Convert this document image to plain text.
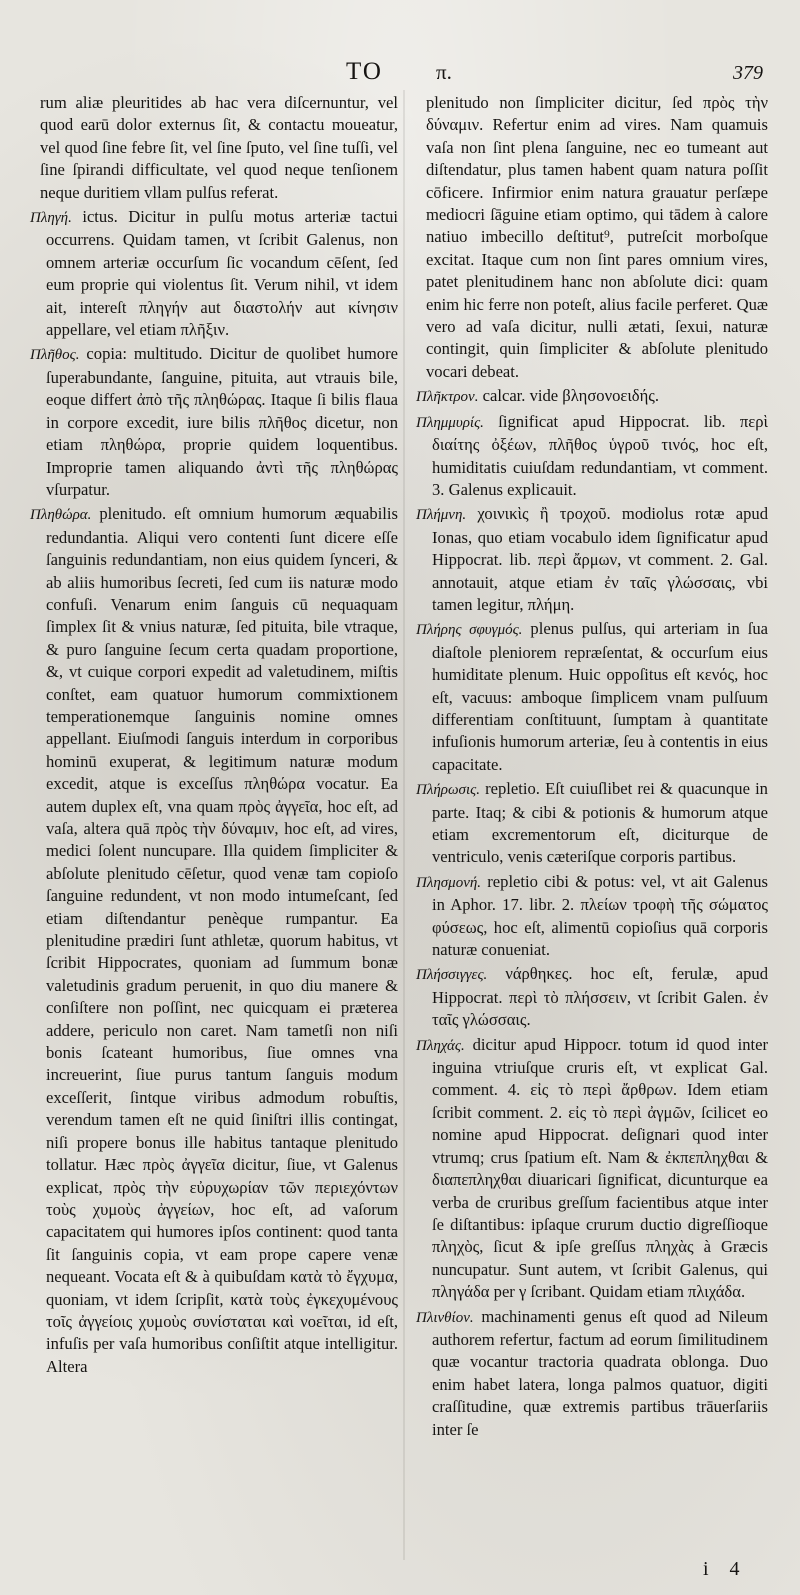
TO	π.	379

rum aliæ pleuritides ab hac vera diſcernuntur, vel quod earū dolor externus ſit, & contactu moueatur, vel quod ſine febre ſit, vel ſine ſputo, vel ſine tuſſi, vel ſine ſpirandi difficultate, vel quod neque tenſionem neque duritiem vllam pulſus referat.

Πληγή. ictus. Dicitur in pulſu motus arteriæ tactui occurrens. Quidam tamen, vt ſcribit Galenus, non omnem arteriæ occurſum ſic vocandum cēſent, ſed eum proprie qui violentus ſit. Verum nihil, vt idem ait, intereſt πληγήν aut διαστολήν aut κίνησιν appellare, vel etiam πλῆξιν.

Πλῆθος. copia: multitudo. Dicitur de quolibet humore ſuperabundante, ſanguine, pituita, aut vtrauis bile, eoque differt ἀπὸ τῆς πληθώρας. Itaque ſi bilis flaua in corpore excedit, iure bilis πλῆθος dicetur, non etiam πληθώρα, proprie quidem loquentibus. Improprie tamen aliquando ἀντὶ τῆς πληθώρας vſurpatur.

Πληθώρα. plenitudo. eſt omnium humorum æquabilis redundantia. Aliqui vero contenti ſunt dicere eſſe ſanguinis redundantiam, non eius quidem ſynceri, & ab aliis humoribus ſecreti, ſed cum iis naturæ modo confuſi. Venarum enim ſanguis cū nequaquam ſimplex ſit & vnius naturæ, ſed pituita, bile vtraque, & puro ſanguine ſecum certa quadam proportione, &, vt cuique corpori expedit ad valetudinem, miſtis conſtet, eam quatuor humorum commixtionem temperationemque ſanguinis nomine omnes appellant. Eiuſmodi ſanguis interdum in corporibus hominū exuperat, & legitimum naturæ modum excedit, atque is exceſſus πληθώρα vocatur. Ea autem duplex eſt, vna quam πρὸς ἀγγεῖα, hoc eſt, ad vaſa, altera quā πρὸς τὴν δύναμιν, hoc eſt, ad vires, medici ſolent nuncupare. Illa quidem ſimpliciter & abſolute plenitudo cēſetur, quod venæ tam copioſo ſanguine redundent, vt non modo intumeſcant, ſed etiam diſtendantur penèque rumpantur. Ea plenitudine prædiri ſunt athletæ, quorum habitus, vt ſcribit Hippocrates, quoniam ad ſummum bonæ valetudinis gradum peruenit, in quo diu manere & conſiſtere non poſſint, nec quicquam ei præterea addere, periculo non caret. Nam tametſi non niſi bonis ſcateant humoribus, ſiue omnes vna increuerint, ſiue purus tantum ſanguis modum exceſſerit, ſintque viribus admodum robuſtis, verendum tamen eſt ne quid ſiniſtri illis contingat, niſi propere bonus ille habitus tantaque plenitudo tollatur. Hæc πρὸς ἀγγεῖα dicitur, ſiue, vt Galenus explicat, πρὸς τὴν εὐρυχωρίαν τῶν περιεχόντων τοὺς χυμοὺς ἀγγείων, hoc eſt, ad vaſorum capacitatem qui humores ipſos continent: quod tanta ſit ſanguinis copia, vt eam prope capere venæ nequeant. Vocata eſt & à quibuſdam κατὰ τὸ ἔγχυμα, quoniam, vt idem ſcripſit, κατὰ τοὺς ἐγκεχυμένους τοῖς ἀγγείοις χυμοὺς συνίσταται καὶ νοεῖται, id eſt, infuſis per vaſa humoribus conſiſtit atque intelligitur. Altera

plenitudo non ſimpliciter dicitur, ſed πρὸς τὴν δύναμιν. Refertur enim ad vires. Nam quamuis vaſa non ſint plena ſanguine, nec eo tumeant aut diſtendatur, plus tamen habent quam natura poſſit cōficere. Infirmior enim natura grauatur perſæpe mediocri ſāguine etiam optimo, qui tādem à calore natiuo imbecillo deſtitut⁹, putreſcit morboſque excitat. Itaque cum non ſint pares omnium vires, patet plenitudinem hanc non abſolute dici: quam enim hic ferre non poteſt, alius facile perferet. Quæ vero ad vaſa dicitur, nulli ætati, ſexui, naturæ contingit, quin ſimpliciter & abſolute plenitudo vocari debeat.

Πλῆκτρον. calcar. vide βλησονοειδής.

Πλημμυρίς. ſignificat apud Hippocrat. lib. περὶ διαίτης ὀξέων, πλῆθος ὑγροῦ τινός, hoc eſt, humiditatis cuiuſdam redundantiam, vt comment. 3. Galenus explicauit.

Πλήμνη. χοινικὶς ἢ τροχοῦ. modiolus rotæ apud Ionas, quo etiam vocabulo idem ſignificatur apud Hippocrat. lib. περὶ ἄρμων, vt comment. 2. Gal. annotauit, atque etiam ἐν ταῖς γλώσσαις, vbi tamen legitur, πλήμη.

Πλήρης σφυγμός. plenus pulſus, qui arteriam in ſua diaſtole pleniorem repræſentat, & occurſum eius humiditate plenum. Huic oppoſitus eſt κενός, hoc eſt, vacuus: amboque ſimplicem vnam pulſuum differentiam conſtituunt, ſumptam à quantitate infuſionis humorum arteriæ, ſeu à contentis in eius capacitate.

Πλήρωσις. repletio. Eſt cuiuſlibet rei & quacunque in parte. Itaq; & cibi & potionis & humorum atque etiam excrementorum eſt, diciturque de ventriculo, venis cæteriſque corporis partibus.

Πλησμονή. repletio cibi & potus: vel, vt ait Galenus in Aphor. 17. libr. 2. πλείων τροφὴ τῆς σώματος φύσεως, hoc eſt, alimentū copioſius quā corporis naturæ conueniat.

Πλήσσιγγες. νάρθηκες. hoc eſt, ferulæ, apud Hippocrat. περὶ τὸ πλήσσειν, vt ſcribit Galen. ἐν ταῖς γλώσσαις.

Πληχάς. dicitur apud Hippocr. totum id quod inter inguina vtriuſque cruris eſt, vt explicat Gal. comment. 4. εἰς τὸ περὶ ἄρθρων. Idem etiam ſcribit comment. 2. εἰς τὸ περὶ ἀγμῶν, ſcilicet eo nomine apud Hippocrat. deſignari quod inter vtrumq; crus ſpatium eſt. Nam & ἐκπεπληχθαι & διαπεπληχθαι diuaricari ſignificat, dicunturque ea verba de cruribus greſſum facientibus atque inter ſe diſtantibus: ipſaque crurum ductio digreſſioque πληχὸς, ſicut & ipſe greſſus πληχὰς à Græcis nuncupatur. Sunt autem, vt ſcribit Galenus, qui πληγάδα per γ ſcribant. Quidam etiam πλιχάδα.

Πλινθίον. machinamenti genus eſt quod ad Nileum authorem refertur, factum ad eorum ſimilitudinem quæ vocantur tractoria quadrata oblonga. Duo enim habet latera, longa palmos quatuor, digiti craſſitudine, quæ extremis partibus trāuerſariis inter ſe

i 4
